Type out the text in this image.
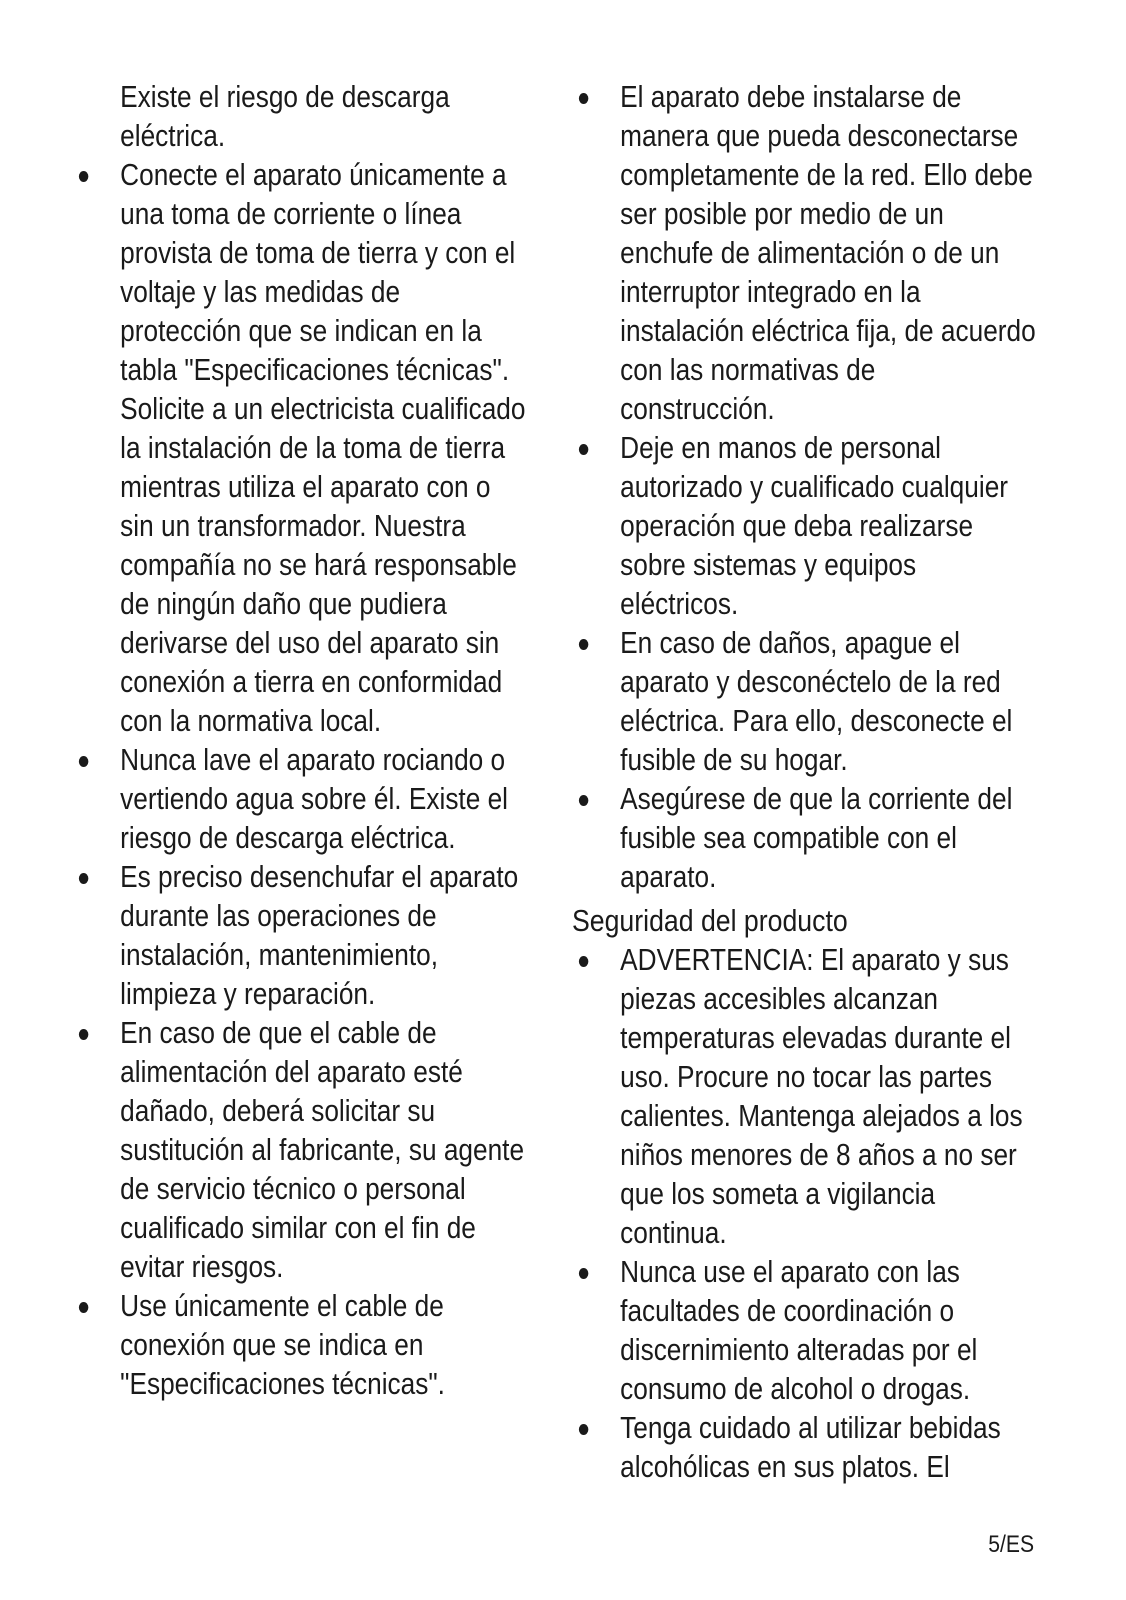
Existe el riesgo de descarga eléctrica.

Conecte el aparato únicamente a una toma de corriente o línea provista de toma de tierra y con el voltaje y las medidas de protección que se indican en la tabla "Especificaciones técnicas". Solicite a un electricista cualificado la instalación de la toma de tierra mientras utiliza el aparato con o sin un transformador. Nuestra compañía no se hará responsable de ningún daño que pudiera derivarse del uso del aparato sin conexión a tierra en conformidad con la normativa local.
Nunca lave el aparato rociando o vertiendo agua sobre él. Existe el riesgo de descarga eléctrica.
Es preciso desenchufar el aparato durante las operaciones de instalación, mantenimiento, limpieza y reparación.
En caso de que el cable de alimentación del aparato esté dañado, deberá solicitar su sustitución al fabricante, su agente de servicio técnico o personal cualificado similar con el fin de evitar riesgos.
Use únicamente el cable de conexión que se indica en "Especificaciones técnicas".
El aparato debe instalarse de manera que pueda desconectarse completamente de la red. Ello debe ser posible por medio de un enchufe de alimentación o de un interruptor integrado en la instalación eléctrica fija, de acuerdo con las normativas de construcción.
Deje en manos de personal autorizado y cualificado cualquier operación que deba realizarse sobre sistemas y equipos eléctricos.
En caso de daños, apague el aparato y desconéctelo de la red eléctrica. Para ello, desconecte el fusible de su hogar.
Asegúrese de que la corriente del fusible sea compatible con el aparato.
Seguridad del producto
ADVERTENCIA: El aparato y sus piezas accesibles alcanzan temperaturas elevadas durante el uso. Procure no tocar las partes calientes. Mantenga alejados a los niños menores de 8 años a no ser que los someta a vigilancia continua.
Nunca use el aparato con las facultades de coordinación o discernimiento alteradas por el consumo de alcohol o drogas.
Tenga cuidado al utilizar bebidas alcohólicas en sus platos. El
5/ES
